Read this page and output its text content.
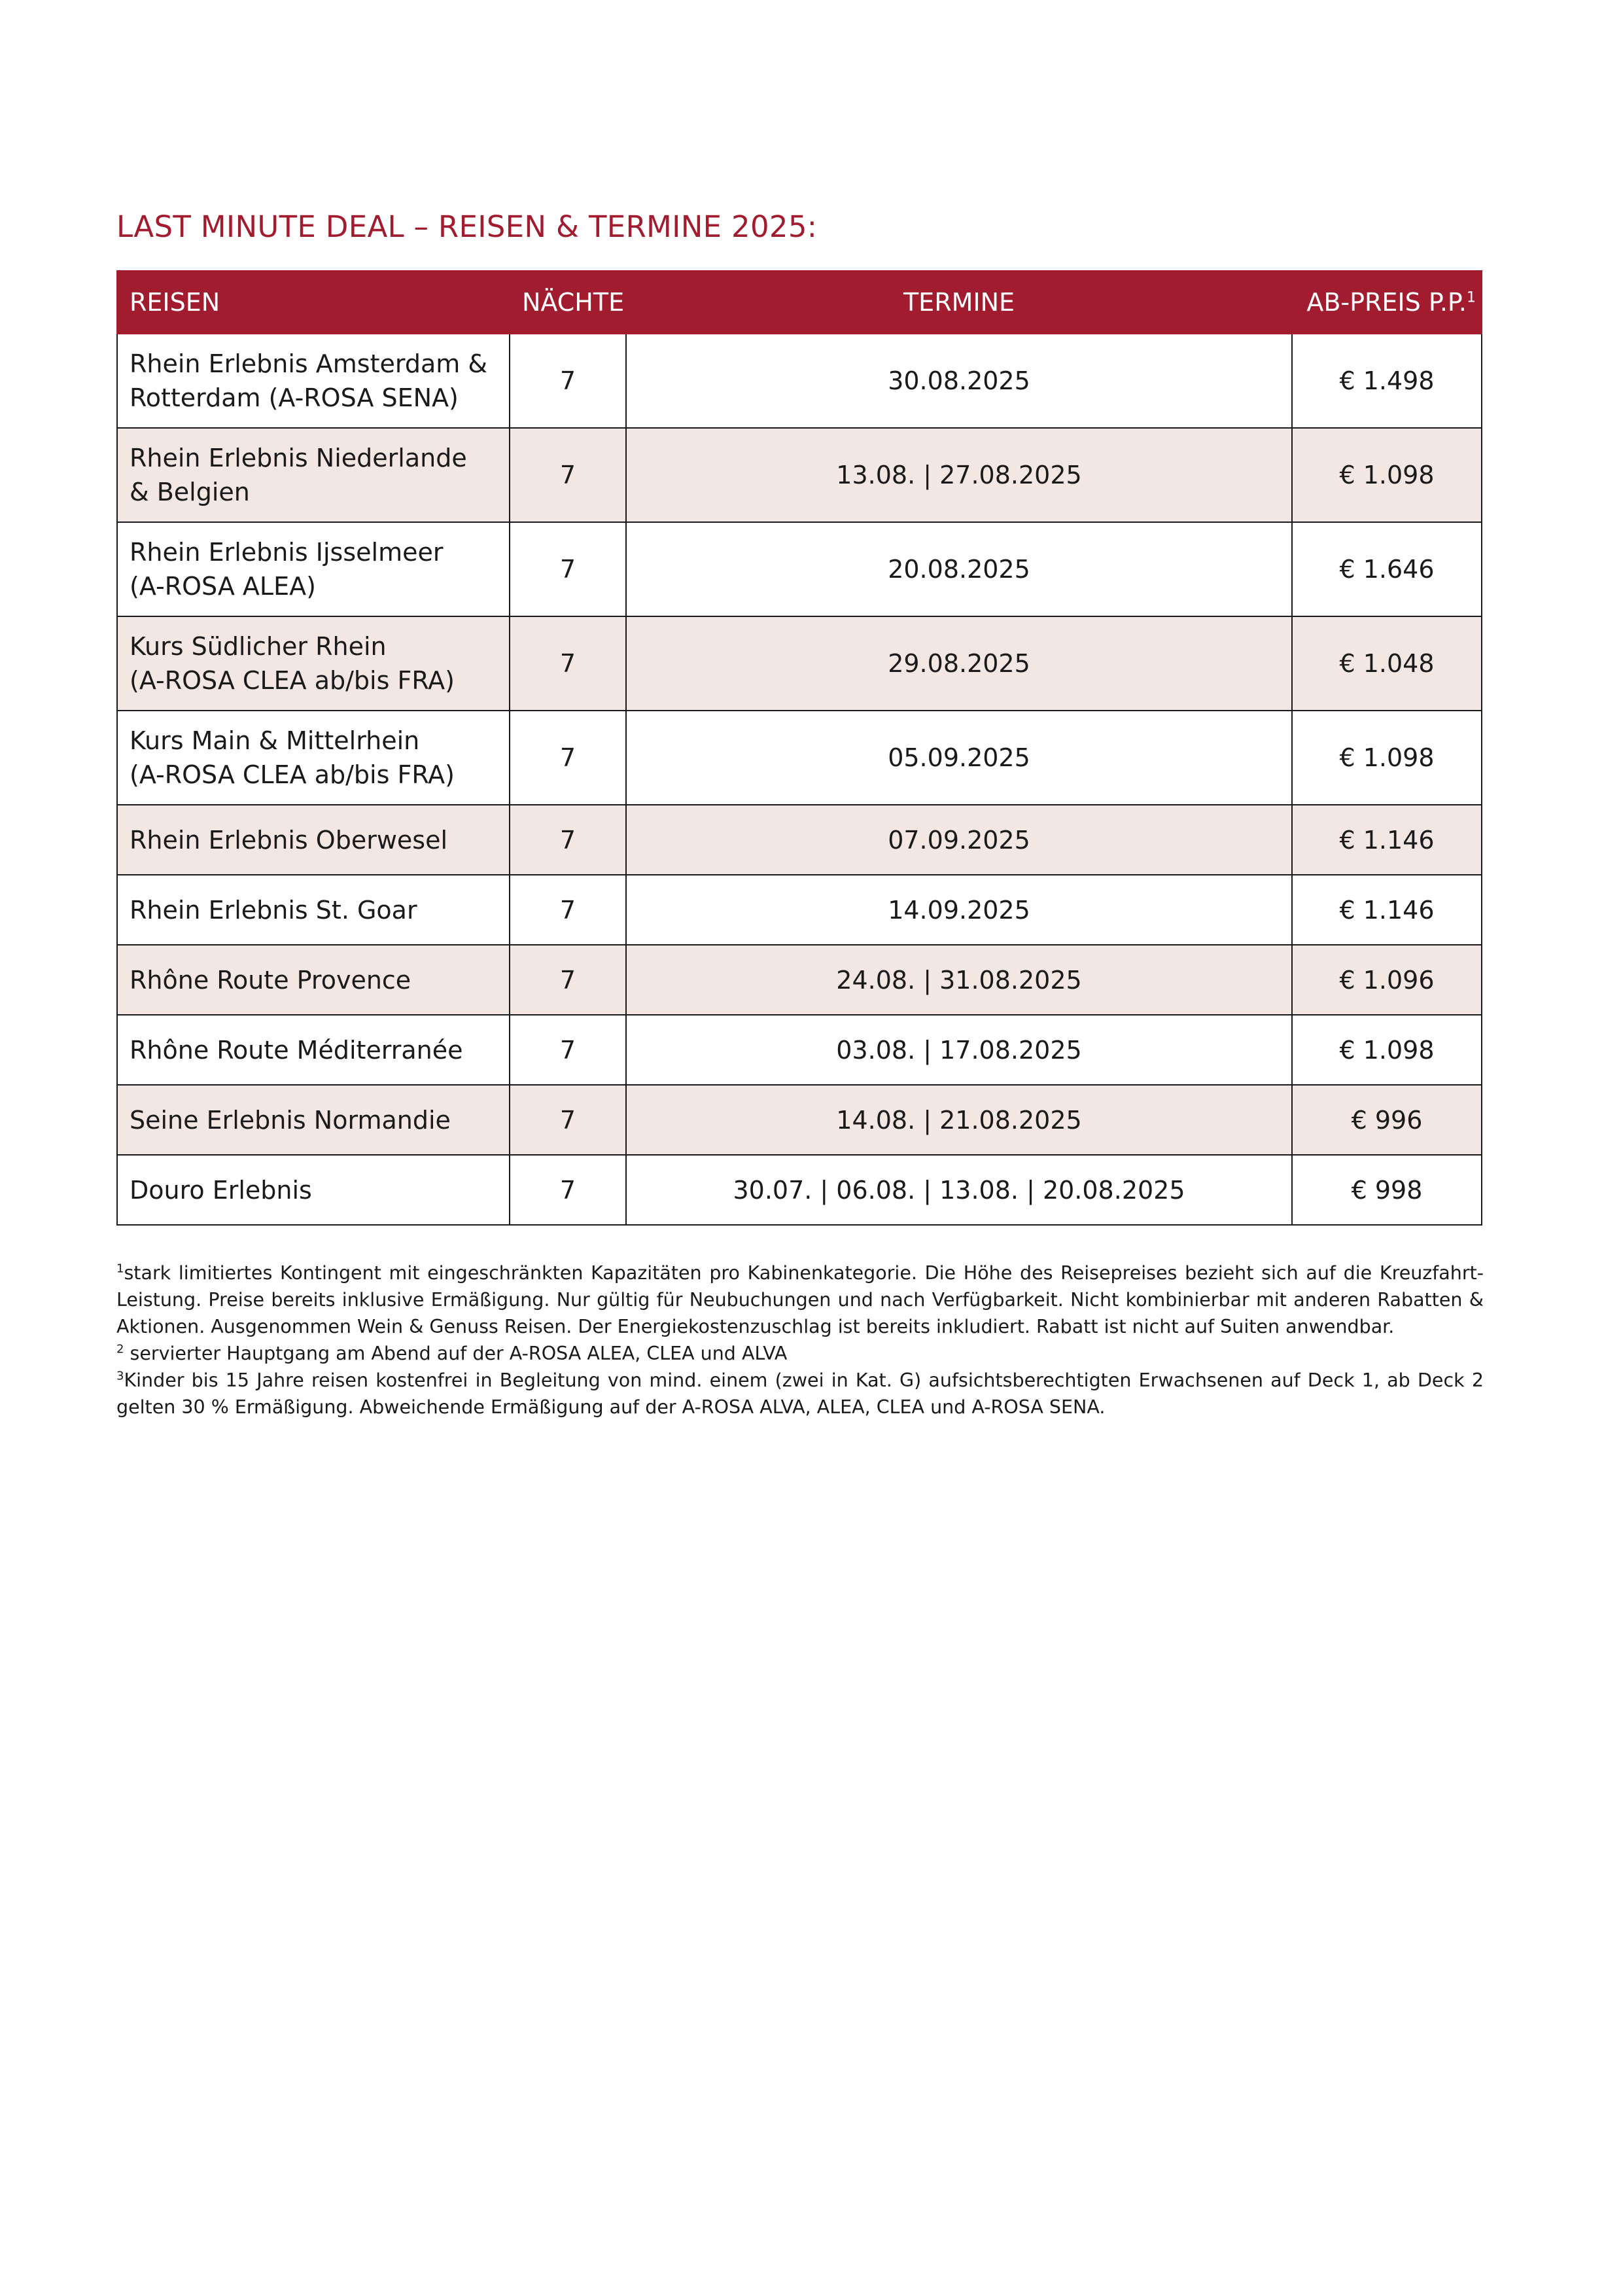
LAST MINUTE DEAL – REISEN & TERMINE 2025:
REISEN	NÄCHTE	TERMINE	AB-PREIS P.P.$^1$
Rhein Erlebnis Amsterdam &
Rotterdam (A-ROSA SENA)	7	30.08.2025	€ 1.498
Rhein Erlebnis Niederlande
& Belgien	7	13.08. | 27.08.2025	€ 1.098
Rhein Erlebnis Ijsselmeer
(A-ROSA ALEA)	7	20.08.2025	€ 1.646
Kurs Südlicher Rhein
(A-ROSA CLEA ab/bis FRA)	7	29.08.2025	€ 1.048
Kurs Main & Mittelrhein
(A-ROSA CLEA ab/bis FRA)	7	05.09.2025	€ 1.098
Rhein Erlebnis Oberwesel	7	07.09.2025	€ 1.146
Rhein Erlebnis St. Goar	7	14.09.2025	€ 1.146
Rhône Route Provence	7	24.08. | 31.08.2025	€ 1.096
Rhône Route Méditerranée	7	03.08. | 17.08.2025	€ 1.098
Seine Erlebnis Normandie	7	14.08. | 21.08.2025	€ 996
Douro Erlebnis	7	30.07. | 06.08. | 13.08. | 20.08.2025	€ 998

$^1$stark limitiertes Kontingent mit eingeschränkten Kapazitäten pro Kabinenkategorie. Die Höhe des Reisepreises bezieht sich auf die Kreuzfahrt-Leistung. Preise bereits inklusive Ermäßigung. Nur gültig für Neubuchungen und nach Verfügbarkeit. Nicht kombinierbar mit anderen Rabatten & Aktionen. Ausgenommen Wein & Genuss Reisen. Der Energiekostenzuschlag ist bereits inkludiert. Rabatt ist nicht auf Suiten anwendbar.

$^2$ servierter Hauptgang am Abend auf der A-ROSA ALEA, CLEA und ALVA

$^3$Kinder bis 15 Jahre reisen kostenfrei in Begleitung von mind. einem (zwei in Kat. G) aufsichtsberechtigten Erwachsenen auf Deck 1, ab Deck 2 gelten 30 % Ermäßigung. Abweichende Ermäßigung auf der A-ROSA ALVA, ALEA, CLEA und A-ROSA SENA.
